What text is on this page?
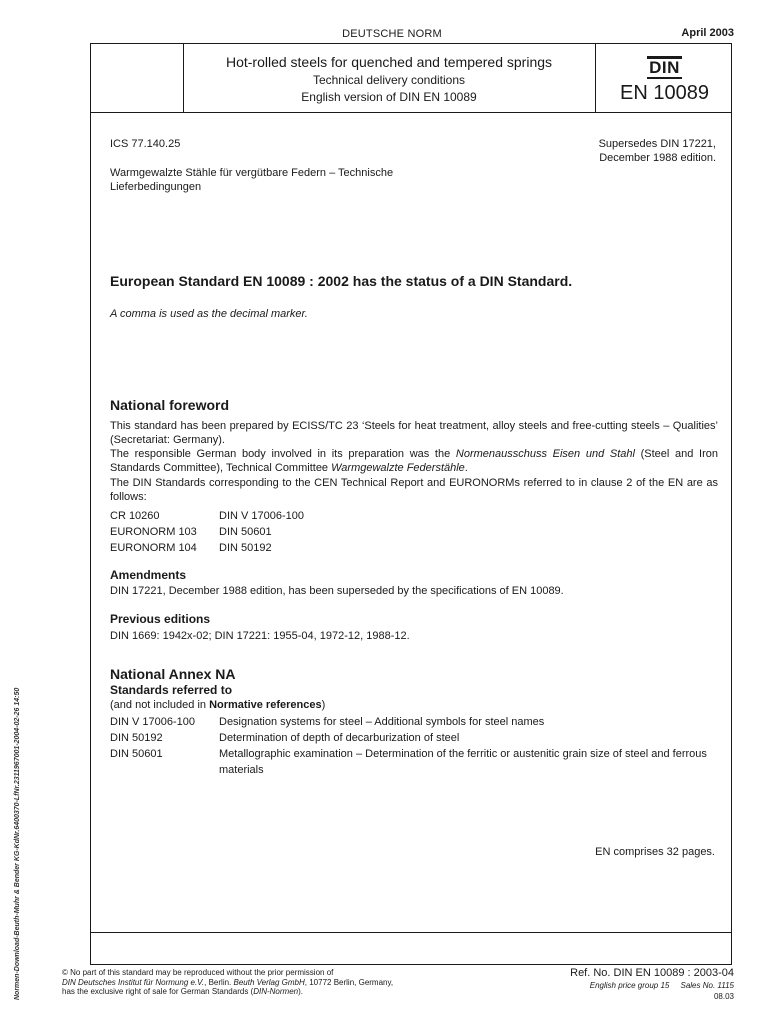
DEUTSCHE NORM	April 2003
Hot-rolled steels for quenched and tempered springs
Technical delivery conditions
English version of DIN EN 10089
DIN
EN 10089
ICS 77.140.25	Supersedes DIN 17221,
December 1988 edition.
Warmgewalzte Stähle für vergütbare Federn – Technische
Lieferbedingungen
European Standard EN 10089 : 2002 has the status of a DIN Standard.
A comma is used as the decimal marker.
National foreword
This standard has been prepared by ECISS/TC 23 ‘Steels for heat treatment, alloy steels and free-cutting steels – Qualities’ (Secretariat: Germany).
The responsible German body involved in its preparation was the Normenausschuss Eisen und Stahl (Steel and Iron Standards Committee), Technical Committee Warmgewalzte Federstähle.
The DIN Standards corresponding to the CEN Technical Report and EURONORMs referred to in clause 2 of the EN are as follows:
CR 10260	DIN V 17006-100
EURONORM 103	DIN 50601
EURONORM 104	DIN 50192
Amendments
DIN 17221, December 1988 edition, has been superseded by the specifications of EN 10089.
Previous editions
DIN 1669: 1942x-02; DIN 17221: 1955-04, 1972-12, 1988-12.
National Annex NA
Standards referred to
(and not included in Normative references)
DIN V 17006-100	Designation systems for steel – Additional symbols for steel names
DIN 50192	Determination of depth of decarburization of steel
DIN 50601	Metallographic examination – Determination of the ferritic or austenitic grain size of steel and ferrous materials
EN comprises 32 pages.
Normen-Download-Beuth-Muhr & Bender KG-KdNr.6400370-LfNr.2311967001-2004-02-26 14:50	© No part of this standard may be reproduced without the prior permission of
DIN Deutsches Institut für Normung e.V., Berlin. Beuth Verlag GmbH, 10772 Berlin, Germany,
has the exclusive right of sale for German Standards (DIN-Normen).
Ref. No. DIN EN 10089 : 2003-04
English price group 15     Sales No. 1115
08.03
